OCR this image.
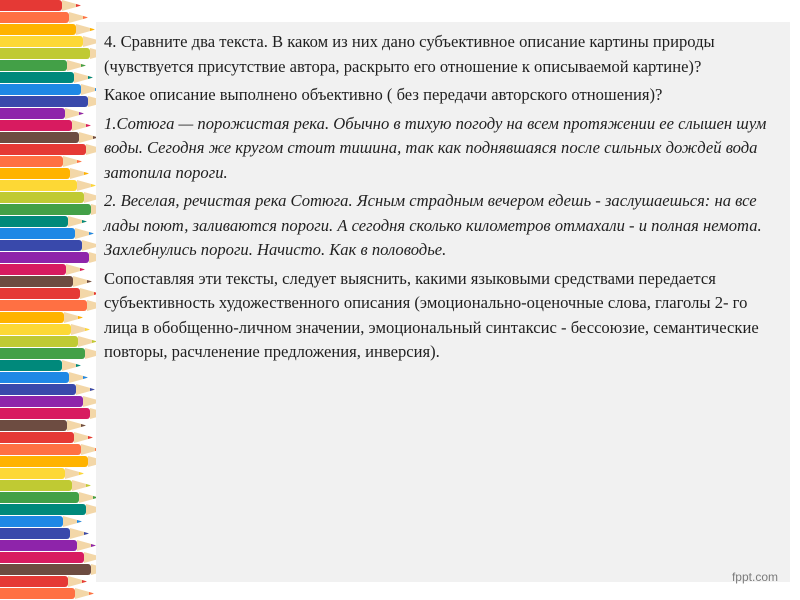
4. Сравните два текста. В каком из них дано субъективное описание картины природы (чувствуется присутствие автора, раскрыто его отношение к описываемой картине)?

Какое описание выполнено объективно ( без передачи авторского отношения)?

1.Сотюга — порожистая река. Обычно в тихую погоду на всем протяжении ее слышен шум воды. Сегодня же кругом стоит тишина, так как поднявшаяся после сильных дождей вода затопила пороги.

2. Веселая, речистая река Сотюга. Ясным страдным вечером едешь - заслушаешься: на все лады поют, заливаются пороги. А сегодня сколько километров отмахали - и полная немота. Захлебнулись пороги. Начисто. Как в половодье.

Сопоставляя эти тексты, следует выяснить, какими языковыми средствами передается субъективность художественного описания (эмоционально-оценочные слова, глаголы 2- го лица в обобщенно-личном значении, эмоциональный синтаксис - бессоюзие, семантические повторы, расчленение предложения, инверсия).

fppt.com
